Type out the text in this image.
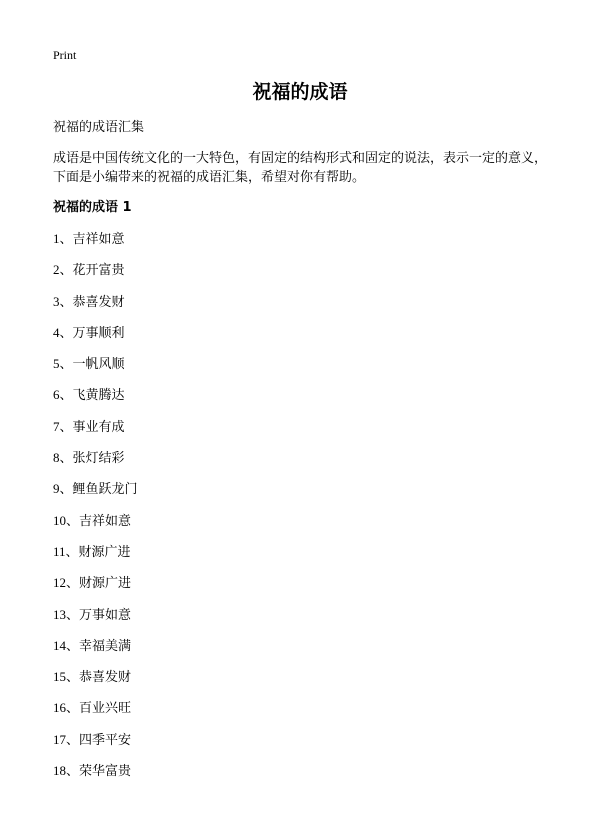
Print
祝福的成语
祝福的成语汇集

成语是中国传统文化的一大特色，有固定的结构形式和固定的说法，表示一定的意义，下面是小编带来的祝福的成语汇集，希望对你有帮助。

祝福的成语 1
1、吉祥如意
2、花开富贵
3、恭喜发财
4、万事顺利
5、一帆风顺
6、飞黄腾达
7、事业有成
8、张灯结彩
9、鲤鱼跃龙门
10、吉祥如意
11、财源广进
12、财源广进
13、万事如意
14、幸福美满
15、恭喜发财
16、百业兴旺
17、四季平安
18、荣华富贵
